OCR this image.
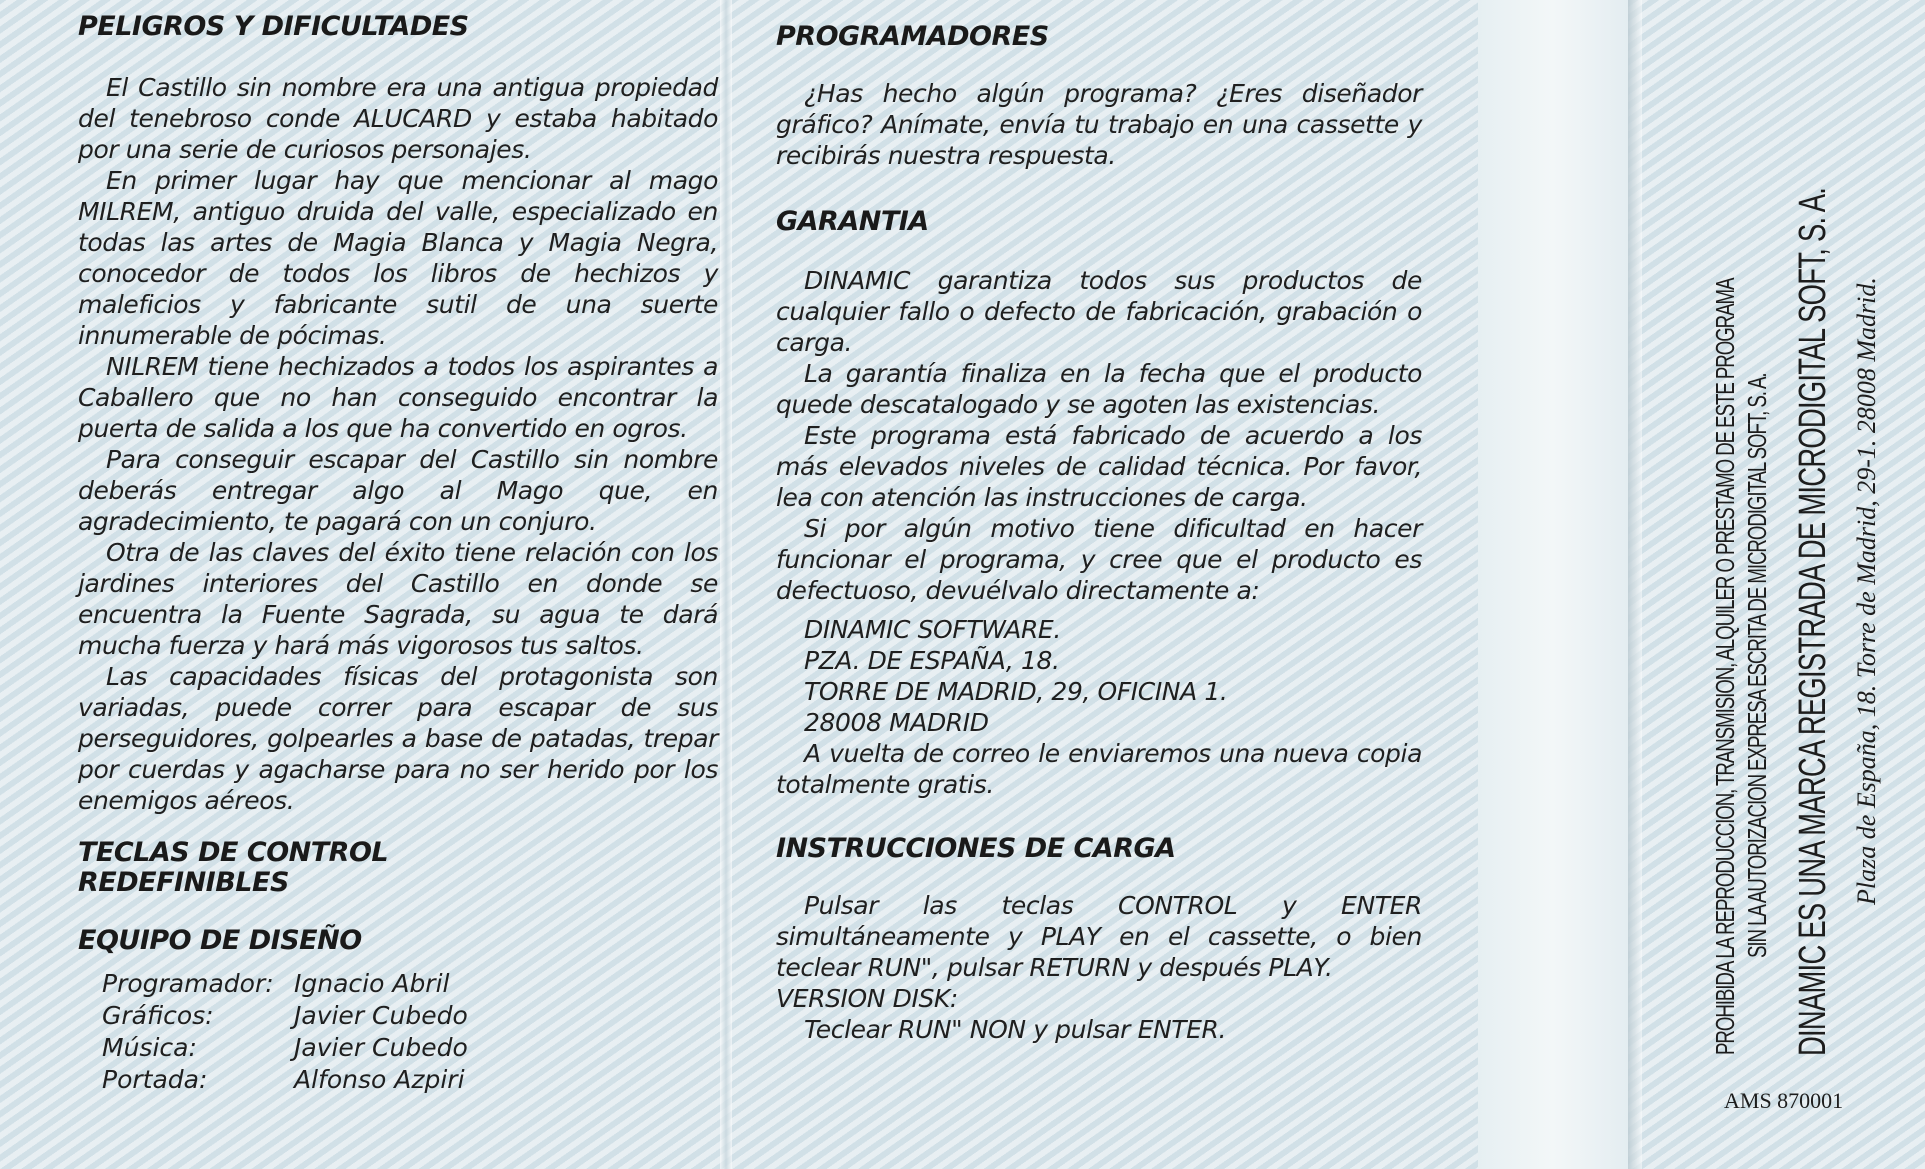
PELIGROS Y DIFICULTADES

El Castillo sin nombre era una antigua propiedad del tenebroso conde ALUCARD y estaba habitado por una serie de curiosos personajes.

En primer lugar hay que mencionar al mago MILREM, antiguo druida del valle, especializado en todas las artes de Magia Blanca y Magia Negra, conocedor de todos los libros de hechizos y maleficios y fabricante sutil de una suerte innumerable de pócimas.

NILREM tiene hechizados a todos los aspirantes a Caballero que no han conseguido encontrar la puerta de salida a los que ha convertido en ogros.

Para conseguir escapar del Castillo sin nombre deberás entregar algo al Mago que, en agradecimiento, te pagará con un conjuro.

Otra de las claves del éxito tiene relación con los jardines interiores del Castillo en donde se encuentra la Fuente Sagrada, su agua te dará mucha fuerza y hará más vigorosos tus saltos.

Las capacidades físicas del protagonista son variadas, puede correr para escapar de sus perseguidores, golpearles a base de patadas, trepar por cuerdas y agacharse para no ser herido por los enemigos aéreos.

TECLAS DE CONTROL
REDEFINIBLES
EQUIPO DE DISEÑO
Programador: Ignacio Abril
Gráficos:	Javier Cubedo
Música:	Javier Cubedo
Portada:	Alfonso Azpiri
PROGRAMADORES

¿Has hecho algún programa? ¿Eres diseñador gráfico? Anímate, envía tu trabajo en una cassette y recibirás nuestra respuesta.

GARANTIA

DINAMIC garantiza todos sus productos de cualquier fallo o defecto de fabricación, grabación o carga.

La garantía finaliza en la fecha que el producto quede descatalogado y se agoten las existencias.

Este programa está fabricado de acuerdo a los más elevados niveles de calidad técnica. Por favor, lea con atención las instrucciones de carga.

Si por algún motivo tiene dificultad en hacer funcionar el programa, y cree que el producto es defectuoso, devuélvalo directamente a:

DINAMIC SOFTWARE.

PZA. DE ESPAÑA, 18.

TORRE DE MADRID, 29, OFICINA 1.

28008 MADRID

A vuelta de correo le enviaremos una nueva copia totalmente gratis.

INSTRUCCIONES DE CARGA

Pulsar las teclas CONTROL y ENTER simultáneamente y PLAY en el cassette, o bien teclear RUN", pulsar RETURN y después PLAY.

VERSION DISK:

Teclear RUN" NON y pulsar ENTER.	PROHIBIDA LA REPRODUCCION, TRANSMISION, ALQUILER O PRESTAMO DE ESTE PROGRAMA SIN LA AUTORIZACION EXPRESA ESCRITA DE MICRODIGITAL SOFT, S. A. DINAMIC ES UNA MARCA REGISTRADA DE MICRODIGITAL SOFT, S. A. Plaza de España, 18. Torre de Madrid, 29-1. 28008 Madrid.
AMS 870001
